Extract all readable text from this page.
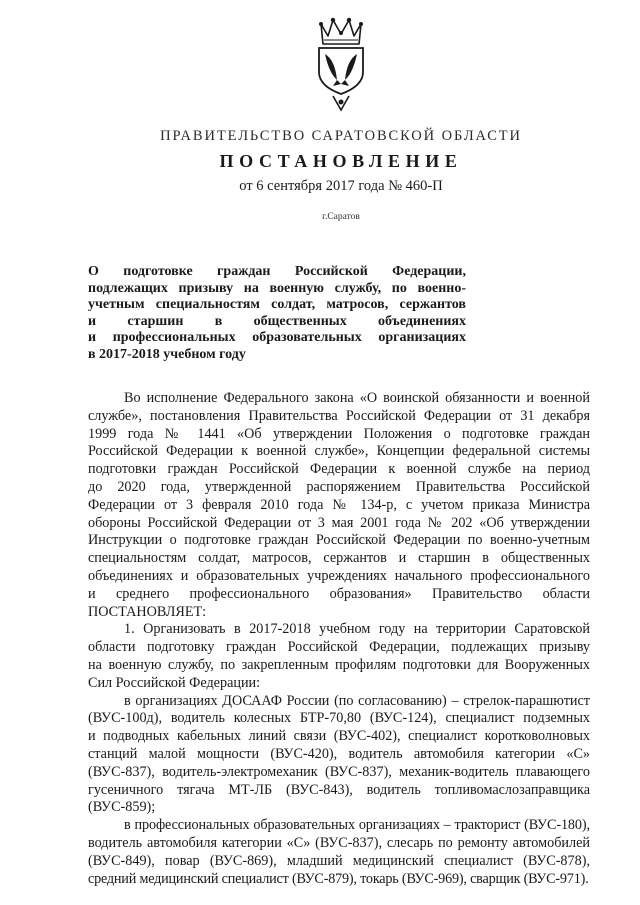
ПРАВИТЕЛЬСТВО САРАТОВСКОЙ ОБЛАСТИ
ПОСТАНОВЛЕНИЕ
от 6 сентября 2017 года № 460-П
г.Саратов
О подготовке граждан Российской Федерации,
подлежащих призыву на военную службу, по военно-
учетным специальностям солдат, матросов, сержантов
и старшин в общественных объединениях
и профессиональных образовательных организациях
в 2017-2018 учебном году
Во исполнение Федерального закона «О воинской обязанности и военной
службе», постановления Правительства Российской Федерации от 31 декабря
1999 года № 1441 «Об утверждении Положения о подготовке граждан
Российской Федерации к военной службе», Концепции федеральной системы
подготовки граждан Российской Федерации к военной службе на период
до 2020 года, утвержденной распоряжением Правительства Российской
Федерации от 3 февраля 2010 года № 134-р, с учетом приказа Министра
обороны Российской Федерации от 3 мая 2001 года № 202 «Об утверждении
Инструкции о подготовке граждан Российской Федерации по военно-учетным
специальностям солдат, матросов, сержантов и старшин в общественных
объединениях и образовательных учреждениях начального профессионального
и среднего профессионального образования» Правительство области
ПОСТАНОВЛЯЕТ:
1. Организовать в 2017-2018 учебном году на территории Саратовской
области подготовку граждан Российской Федерации, подлежащих призыву
на военную службу, по закрепленным профилям подготовки для Вооруженных
Сил Российской Федерации:
в организациях ДОСААФ России (по согласованию) – стрелок-парашютист
(ВУС-100д), водитель колесных БТР-70,80 (ВУС-124), специалист подземных
и подводных кабельных линий связи (ВУС-402), специалист коротковолновых
станций малой мощности (ВУС-420), водитель автомобиля категории «С»
(ВУС-837), водитель-электромеханик (ВУС-837), механик-водитель плавающего
гусеничного тягача МТ-ЛБ (ВУС-843), водитель топливомаслозаправщика
(ВУС-859);
в профессиональных образовательных организациях – тракторист (ВУС-180),
водитель автомобиля категории «С» (ВУС-837), слесарь по ремонту автомобилей
(ВУС-849), повар (ВУС-869), младший медицинский специалист (ВУС-878),
средний медицинский специалист (ВУС-879), токарь (ВУС-969), сварщик (ВУС-971).
